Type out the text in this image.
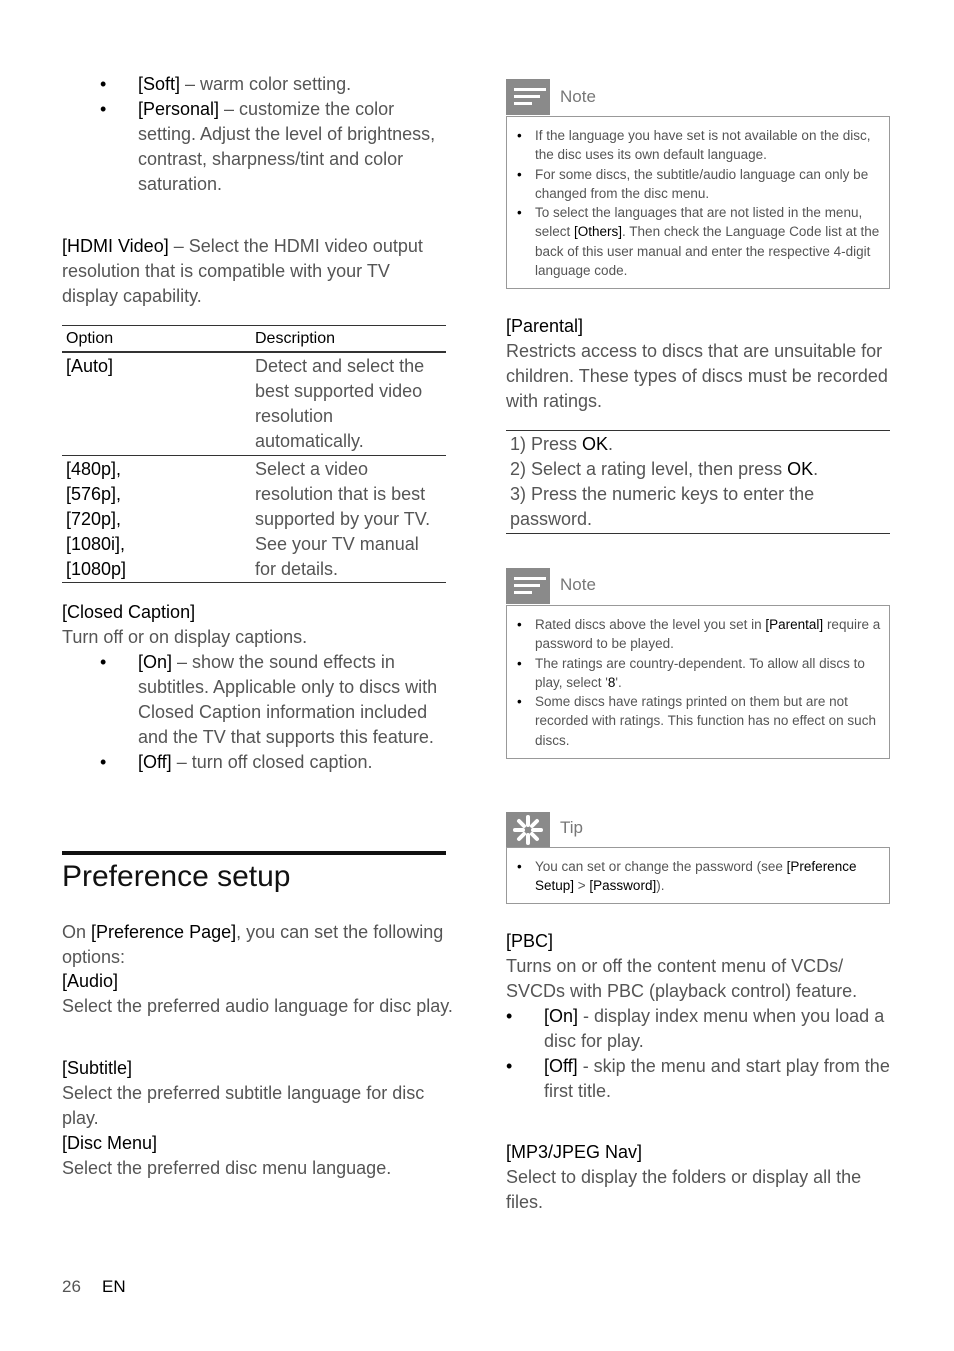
• [Soft] – warm color setting.
• [Personal] – customize the color setting. Adjust the level of brightness, contrast, sharpness/tint and color saturation.
[HDMI Video] – Select the HDMI video output resolution that is compatible with your TV display capability.
Option	Description
[Auto]	Detect and select the best supported video resolution automatically.
[480p],
[576p],
[720p],
[1080i],
[1080p]
Select a video resolution that is best supported by your TV. See your TV manual for details.
[Closed Caption]
Turn off or on display captions.
• [On] – show the sound effects in subtitles. Applicable only to discs with Closed Caption information included and the TV that supports this feature.
• [Off] – turn off closed caption.
Preference setup
On [Preference Page], you can set the following options:
[Audio]
Select the preferred audio language for disc play.
[Subtitle]
Select the preferred subtitle language for disc play.
[Disc Menu]
Select the preferred disc menu language.
Note
• If the language you have set is not available on the disc, the disc uses its own default language.
• For some discs, the subtitle/audio language can only be changed from the disc menu.
• To select the languages that are not listed in the menu, select [Others]. Then check the Language Code list at the back of this user manual and enter the respective 4-digit language code.
[Parental]
Restricts access to discs that are unsuitable for children. These types of discs must be recorded with ratings.
1) Press OK.
2) Select a rating level, then press OK.
3) Press the numeric keys to enter the password.
Note
• Rated discs above the level you set in [Parental] require a password to be played.
• The ratings are country-dependent. To allow all discs to play, select '8'.
• Some discs have ratings printed on them but are not recorded with ratings. This function has no effect on such discs.
Tip
• You can set or change the password (see [Preference Setup] > [Password]).
[PBC]
Turns on or off the content menu of VCDs/ SVCDs with PBC (playback control) feature.
• [On] - display index menu when you load a disc for play.
• [Off] - skip the menu and start play from the first title.
[MP3/JPEG Nav]
Select to display the folders or display all the files.
26 EN
